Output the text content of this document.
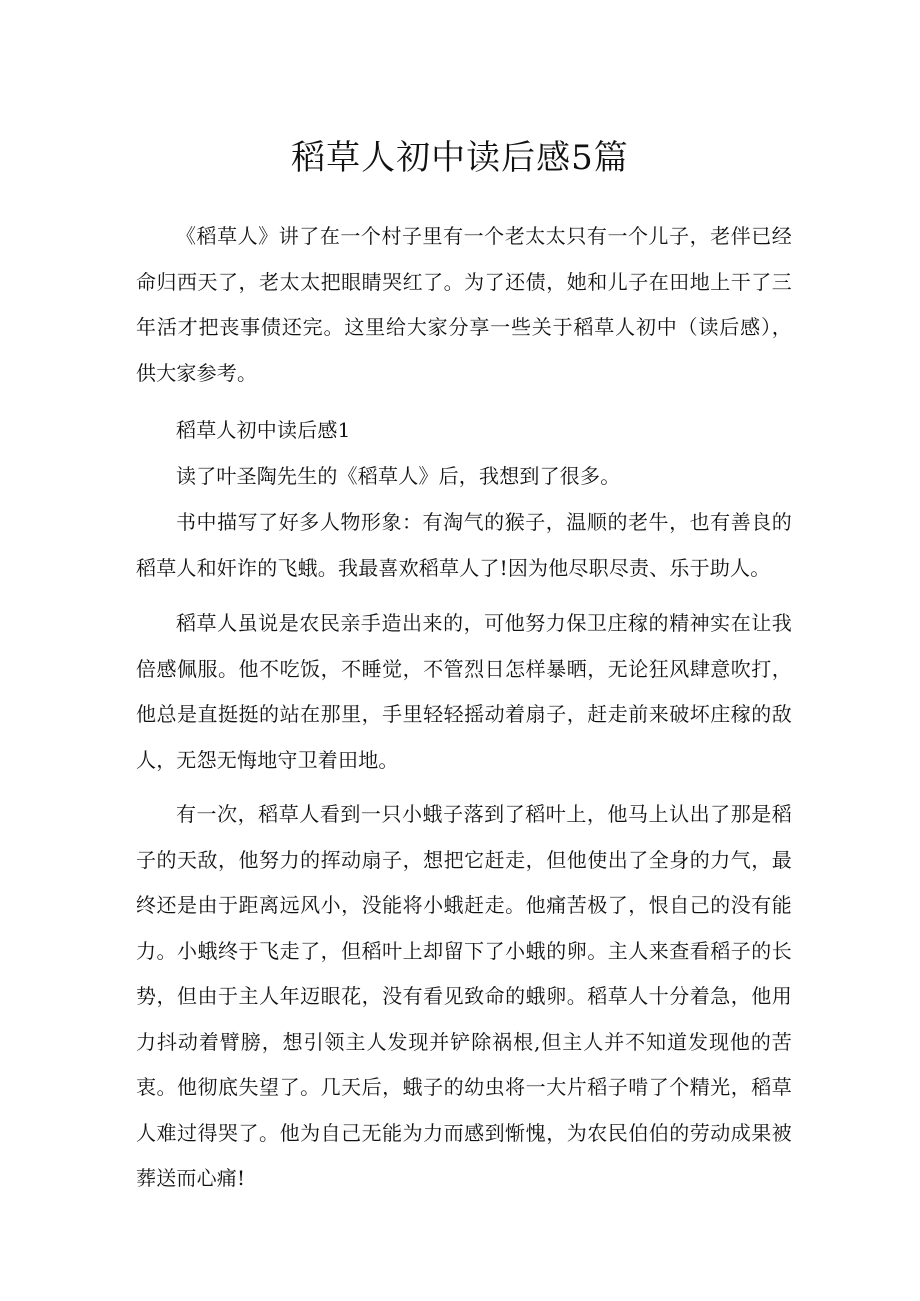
稻草人初中读后感5篇

《稻草人》讲了在一个村子里有一个老太太只有一个儿子，老伴已经命归西天了，老太太把眼睛哭红了。为了还债，她和儿子在田地上干了三年活才把丧事债还完。这里给大家分享一些关于稻草人初中（读后感），供大家参考。

稻草人初中读后感1

读了叶圣陶先生的《稻草人》后，我想到了很多。

书中描写了好多人物形象：有淘气的猴子，温顺的老牛，也有善良的稻草人和奸诈的飞蛾。我最喜欢稻草人了!因为他尽职尽责、乐于助人。

稻草人虽说是农民亲手造出来的，可他努力保卫庄稼的精神实在让我倍感佩服。他不吃饭，不睡觉，不管烈日怎样暴晒，无论狂风肆意吹打，他总是直挺挺的站在那里，手里轻轻摇动着扇子，赶走前来破坏庄稼的敌人，无怨无悔地守卫着田地。

有一次，稻草人看到一只小蛾子落到了稻叶上，他马上认出了那是稻子的天敌，他努力的挥动扇子，想把它赶走，但他使出了全身的力气，最终还是由于距离远风小，没能将小蛾赶走。他痛苦极了，恨自己的没有能力。小蛾终于飞走了，但稻叶上却留下了小蛾的卵。主人来查看稻子的长势，但由于主人年迈眼花，没有看见致命的蛾卵。稻草人十分着急，他用力抖动着臂膀，想引领主人发现并铲除祸根,但主人并不知道发现他的苦衷。他彻底失望了。几天后，蛾子的幼虫将一大片稻子啃了个精光，稻草人难过得哭了。他为自己无能为力而感到惭愧，为农民伯伯的劳动成果被葬送而心痛!
